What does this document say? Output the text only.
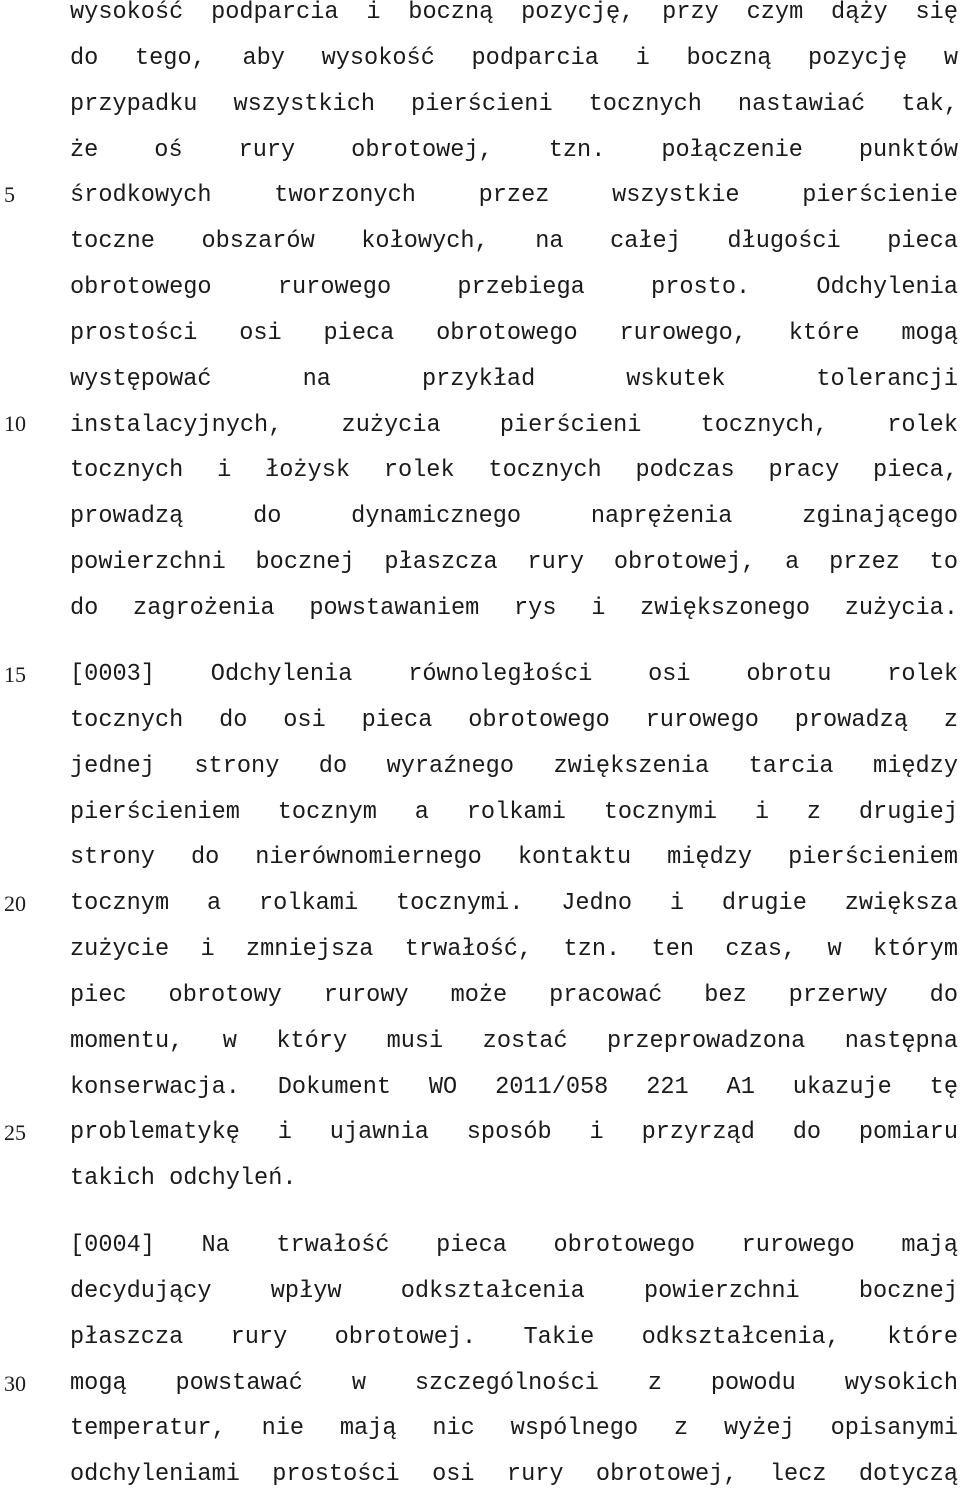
5
10
15
20
25
30
wysokość podparcia i boczną pozycję, przy czym dąży się
do tego, aby wysokość podparcia i boczną pozycję w
przypadku wszystkich pierścieni tocznych nastawiać tak,
że oś rury obrotowej, tzn. połączenie punktów
środkowych tworzonych przez wszystkie pierścienie
toczne obszarów kołowych, na całej długości pieca
obrotowego rurowego przebiega prosto. Odchylenia
prostości osi pieca obrotowego rurowego, które mogą
występować na przykład wskutek tolerancji
instalacyjnych, zużycia pierścieni tocznych, rolek
tocznych i łożysk rolek tocznych podczas pracy pieca,
prowadzą do dynamicznego naprężenia zginającego
powierzchni bocznej płaszcza rury obrotowej, a przez to
do zagrożenia powstawaniem rys i zwiększonego zużycia.
[0003] Odchylenia równoległości osi obrotu rolek
tocznych do osi pieca obrotowego rurowego prowadzą z
jednej strony do wyraźnego zwiększenia tarcia między
pierścieniem tocznym a rolkami tocznymi i z drugiej
strony do nierównomiernego kontaktu między pierścieniem
tocznym a rolkami tocznymi. Jedno i drugie zwiększa
zużycie i zmniejsza trwałość, tzn. ten czas, w którym
piec obrotowy rurowy może pracować bez przerwy do
momentu, w który musi zostać przeprowadzona następna
konserwacja. Dokument WO 2011/058 221 A1 ukazuje tę
problematykę i ujawnia sposób i przyrząd do pomiaru
takich odchyleń.
[0004] Na trwałość pieca obrotowego rurowego mają
decydujący wpływ odkształcenia powierzchni bocznej
płaszcza rury obrotowej. Takie odkształcenia, które
mogą powstawać w szczególności z powodu wysokich
temperatur, nie mają nic wspólnego z wyżej opisanymi
odchyleniami prostości osi rury obrotowej, lecz dotyczą
